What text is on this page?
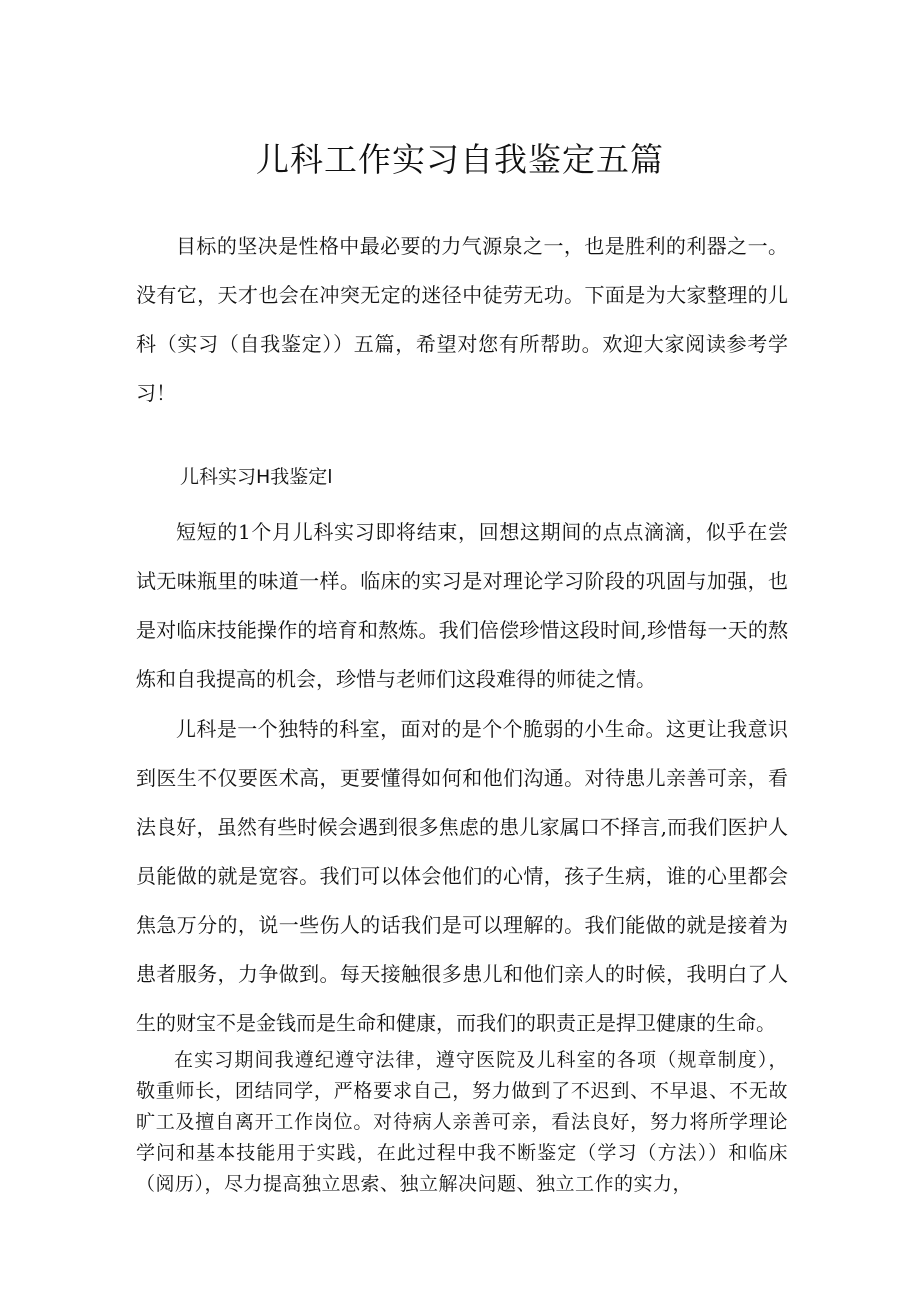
儿科工作实习自我鉴定五篇

目标的坚决是性格中最必要的力气源泉之一，也是胜利的利器之一。没有它，天才也会在冲突无定的迷径中徒劳无功。下面是为大家整理的儿科（实习（自我鉴定））五篇，希望对您有所帮助。欢迎大家阅读参考学习！

儿科实习H我鉴定l

短短的1个月儿科实习即将结束，回想这期间的点点滴滴，似乎在尝试无味瓶里的味道一样。临床的实习是对理论学习阶段的巩固与加强，也是对临床技能操作的培育和熬炼。我们倍偿珍惜这段时间,珍惜每一天的熬炼和自我提高的机会，珍惜与老师们这段难得的师徒之情。

儿科是一个独特的科室，面对的是个个脆弱的小生命。这更让我意识到医生不仅要医术高，更要懂得如何和他们沟通。对待患儿亲善可亲，看法良好，虽然有些时候会遇到很多焦虑的患儿家属口不择言,而我们医护人员能做的就是宽容。我们可以体会他们的心情，孩子生病，谁的心里都会焦急万分的，说一些伤人的话我们是可以理解的。我们能做的就是接着为患者服务，力争做到。每天接触很多患儿和他们亲人的时候，我明白了人生的财宝不是金钱而是生命和健康，而我们的职责正是捍卫健康的生命。

在实习期间我遵纪遵守法律，遵守医院及儿科室的各项（规章制度），敬重师长，团结同学，严格要求自己，努力做到了不迟到、不早退、不无故旷工及擅自离开工作岗位。对待病人亲善可亲，看法良好，努力将所学理论学问和基本技能用于实践，在此过程中我不断鉴定（学习（方法））和临床（阅历），尽力提高独立思索、独立解决问题、独立工作的实力，
